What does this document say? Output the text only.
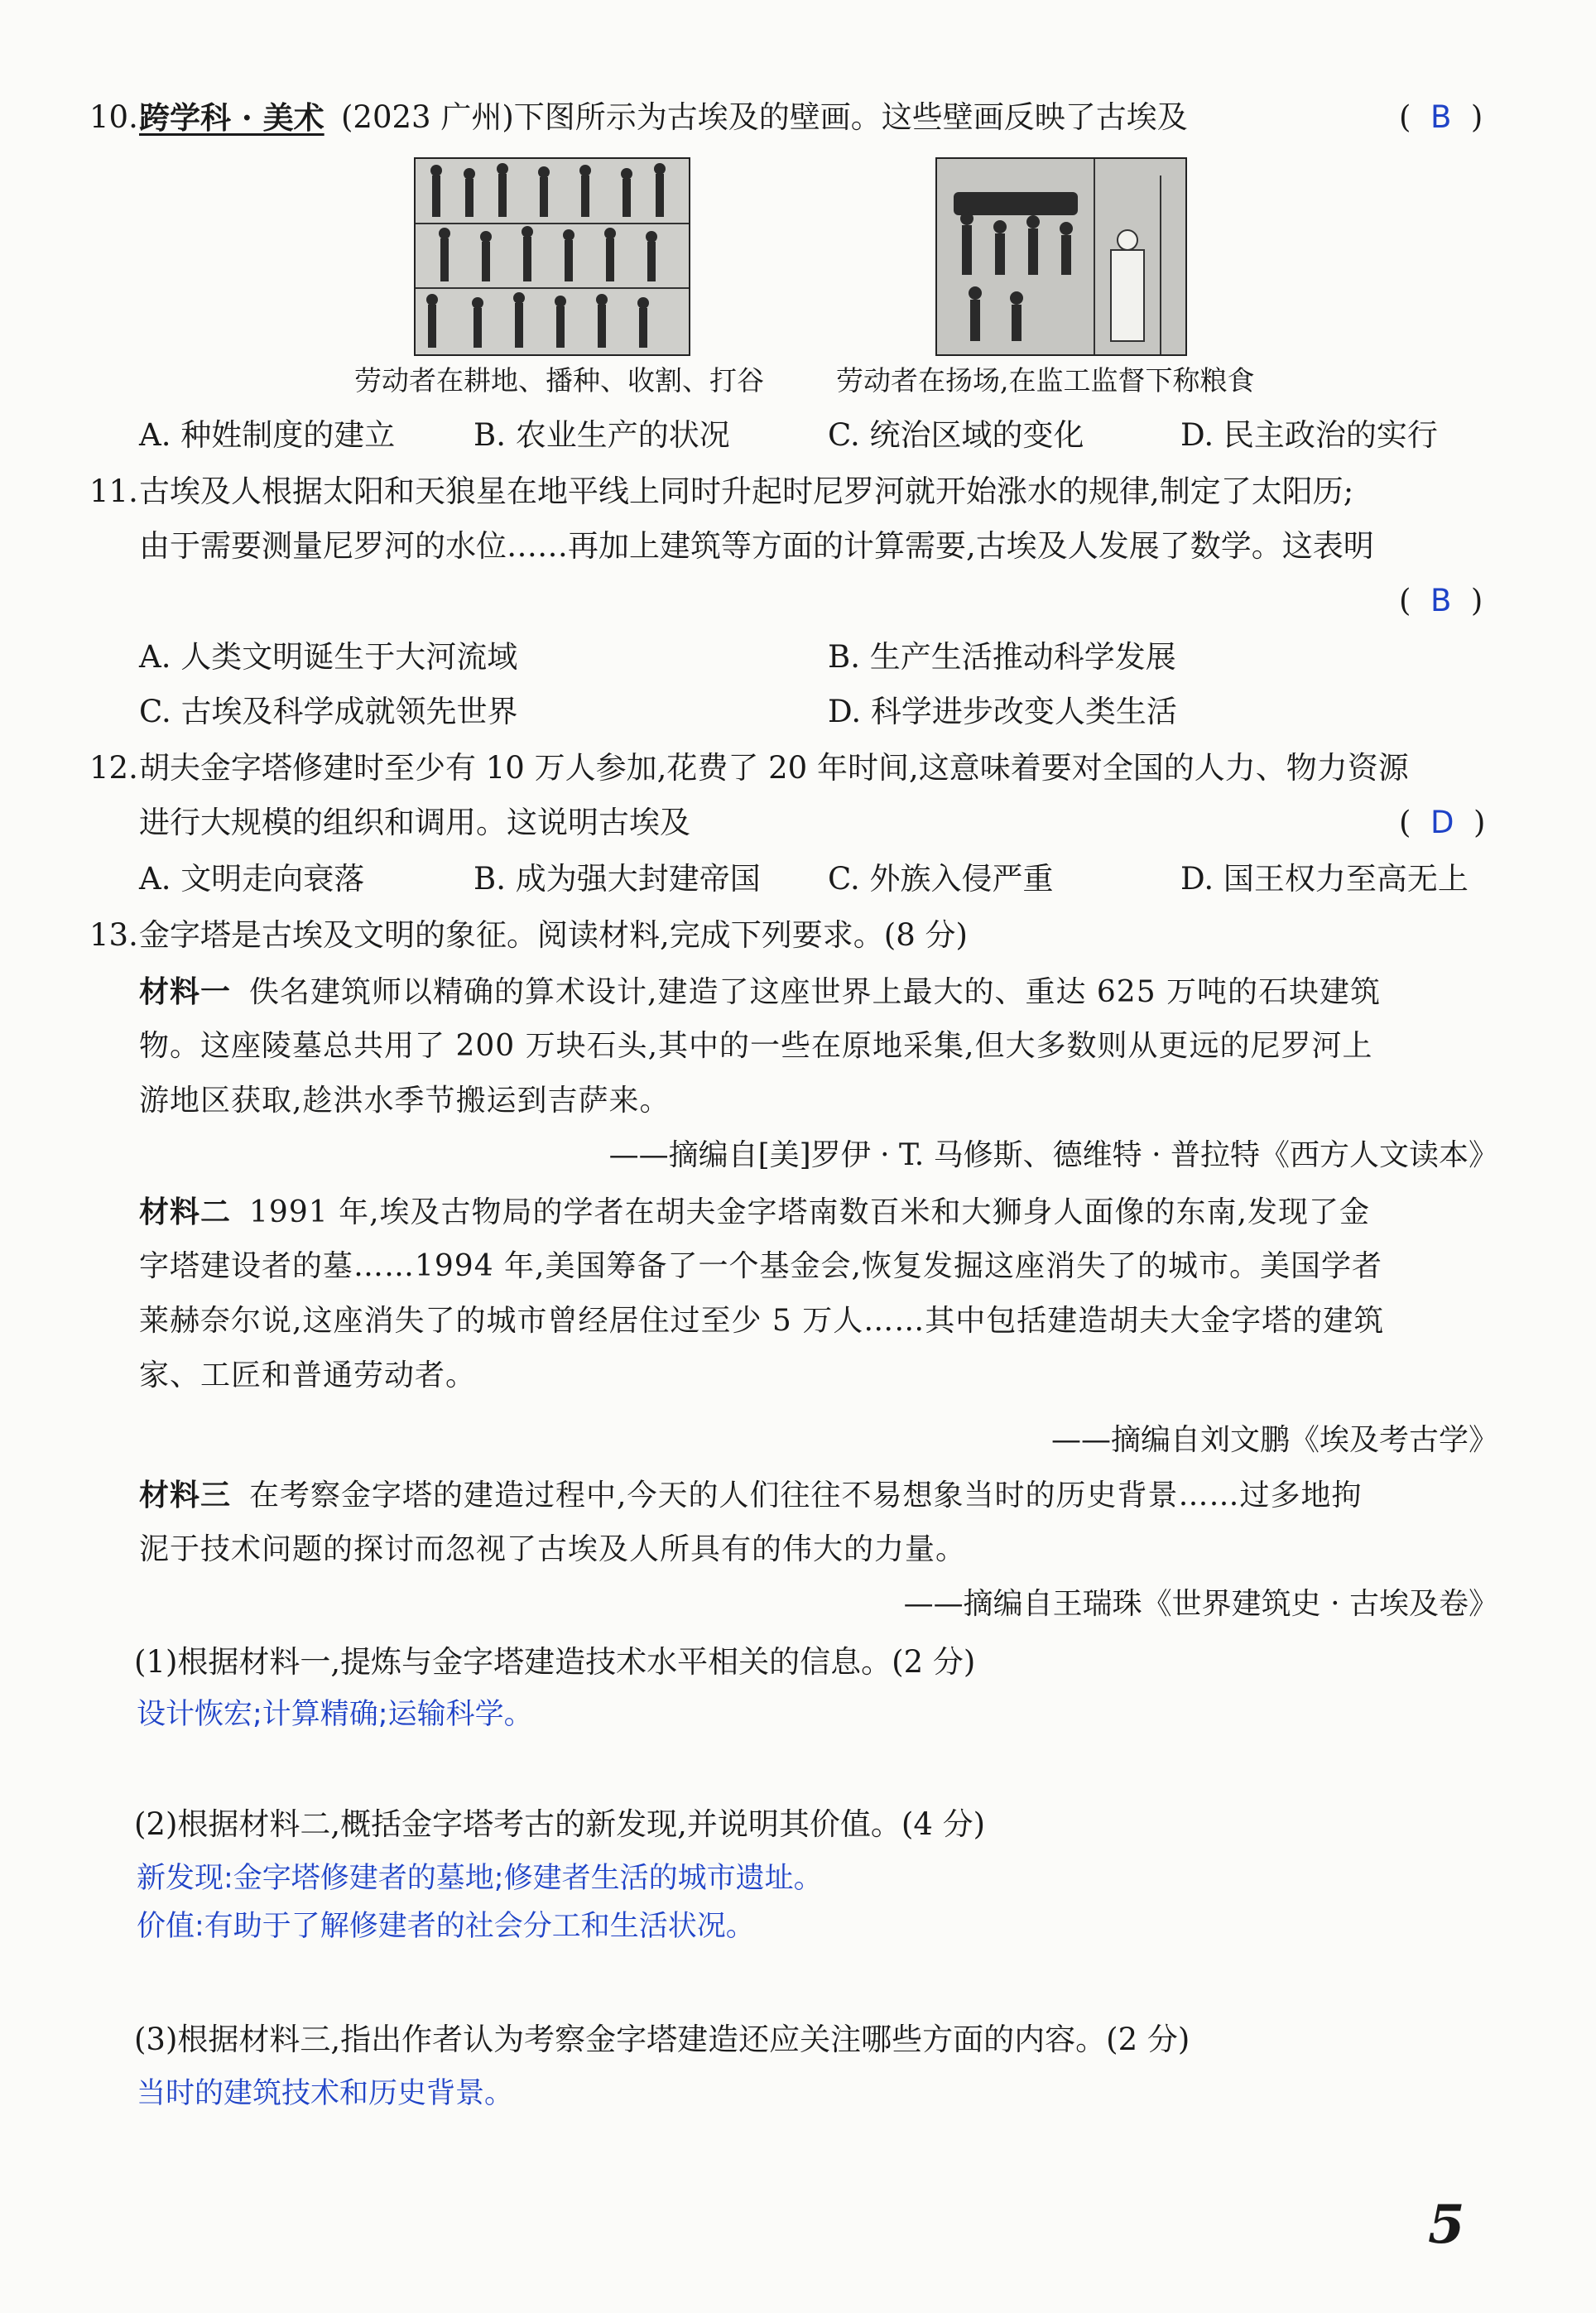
10. 跨学科 · 美术 (2023 广州)下图所示为古埃及的壁画。这些壁画反映了古埃及	(  B  )
劳动者在耕地、播种、收割、打谷	劳动者在扬场,在监工监督下称粮食
A. 种姓制度的建立	B. 农业生产的状况	C. 统治区域的变化	D. 民主政治的实行
11. 古埃及人根据太阳和天狼星在地平线上同时升起时尼罗河就开始涨水的规律,制定了太阳历;
由于需要测量尼罗河的水位……再加上建筑等方面的计算需要,古埃及人发展了数学。这表明
(  B  )
A. 人类文明诞生于大河流域	B. 生产生活推动科学发展
C. 古埃及科学成就领先世界	D. 科学进步改变人类生活
12. 胡夫金字塔修建时至少有 10 万人参加,花费了 20 年时间,这意味着要对全国的人力、物力资源
进行大规模的组织和调用。这说明古埃及	(  D  )
A. 文明走向衰落	B. 成为强大封建帝国 C. 外族入侵严重	D. 国王权力至高无上
13. 金字塔是古埃及文明的象征。阅读材料,完成下列要求。(8 分)
材料一 佚名建筑师以精确的算术设计,建造了这座世界上最大的、重达 625 万吨的石块建筑
物。这座陵墓总共用了 200 万块石头,其中的一些在原地采集,但大多数则从更远的尼罗河上
游地区获取,趁洪水季节搬运到吉萨来。
——摘编自[美]罗伊 · T. 马修斯、德维特 · 普拉特《西方人文读本》
材料二 1991 年,埃及古物局的学者在胡夫金字塔南数百米和大狮身人面像的东南,发现了金
字塔建设者的墓……1994 年,美国筹备了一个基金会,恢复发掘这座消失了的城市。美国学者
莱赫奈尔说,这座消失了的城市曾经居住过至少 5 万人……其中包括建造胡夫大金字塔的建筑
家、工匠和普通劳动者。
——摘编自刘文鹏《埃及考古学》
材料三 在考察金字塔的建造过程中,今天的人们往往不易想象当时的历史背景……过多地拘
泥于技术问题的探讨而忽视了古埃及人所具有的伟大的力量。
——摘编自王瑞珠《世界建筑史 · 古埃及卷》
(1)根据材料一,提炼与金字塔建造技术水平相关的信息。(2 分)
设计恢宏;计算精确;运输科学。
(2)根据材料二,概括金字塔考古的新发现,并说明其价值。(4 分)
新发现:金字塔修建者的墓地;修建者生活的城市遗址。
价值:有助于了解修建者的社会分工和生活状况。
(3)根据材料三,指出作者认为考察金字塔建造还应关注哪些方面的内容。(2 分)
当时的建筑技术和历史背景。
5
